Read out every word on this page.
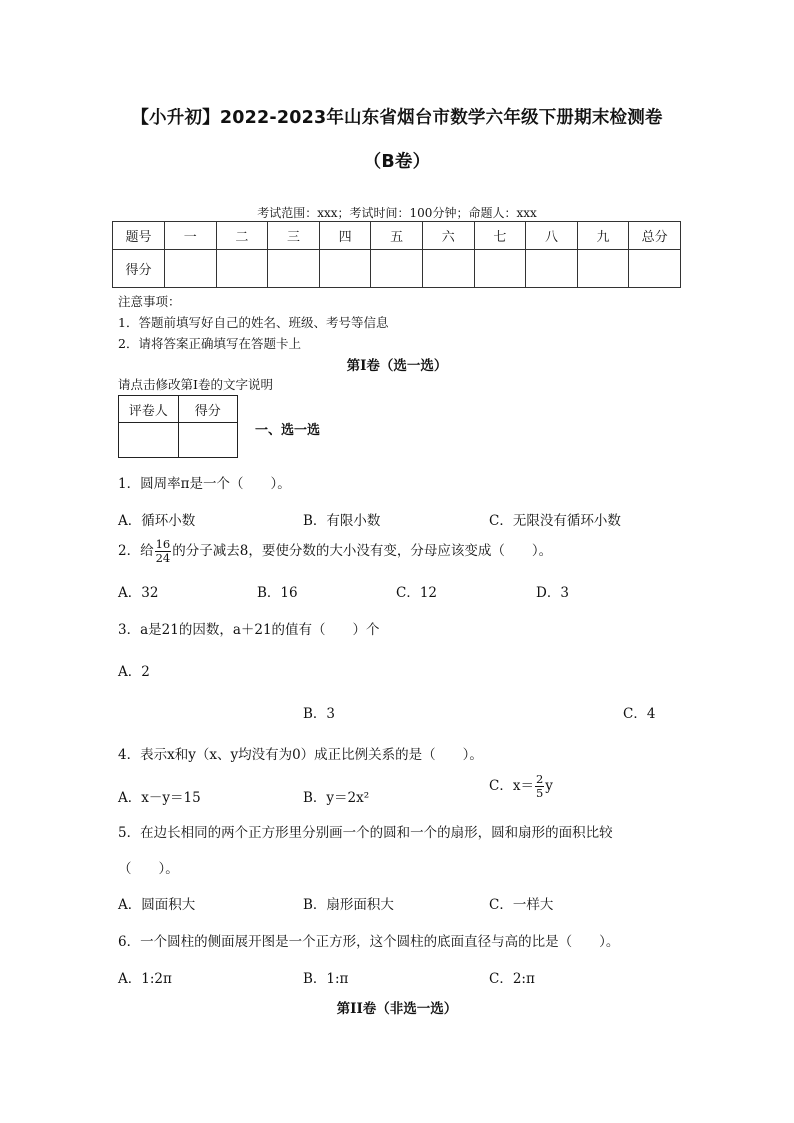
【小升初】2022-2023年山东省烟台市数学六年级下册期末检测卷
（B卷）
考试范围：xxx；考试时间：100分钟；命题人：xxx
题号	一	二	三	四	五	六	七	八	九	总分
得分										
注意事项：
1．答题前填写好自己的姓名、班级、考号等信息
2．请将答案正确填写在答题卡上
第I卷（选一选）
请点击修改第I卷的文字说明
评卷人	得分

一、选一选
1．圆周率π是一个（　　）。
A．循环小数	B．有限小数	C．无限没有循环小数
2．给 $\frac{16}{24}$ 的分子减去8，要使分数的大小没有变，分母应该变成（　　）。
A．32	B．16	C．12	D．3
3．a是21的因数，a＋21的值有（　　）个
A．2
B．3	C．4
4．表示x和y（x、y均没有为0）成正比例关系的是（　　）。
A．x－y＝15	B．y＝2x²
C．$x= \frac{2}{5}$ y
5．在边长相同的两个正方形里分别画一个的圆和一个的扇形，圆和扇形的面积比较
（　　）。
A．圆面积大	B．扇形面积大	C．一样大
6．一个圆柱的侧面展开图是一个正方形，这个圆柱的底面直径与高的比是（　　）。
A．1:2π	B．1:π	C．2:π
第II卷（非选一选）
